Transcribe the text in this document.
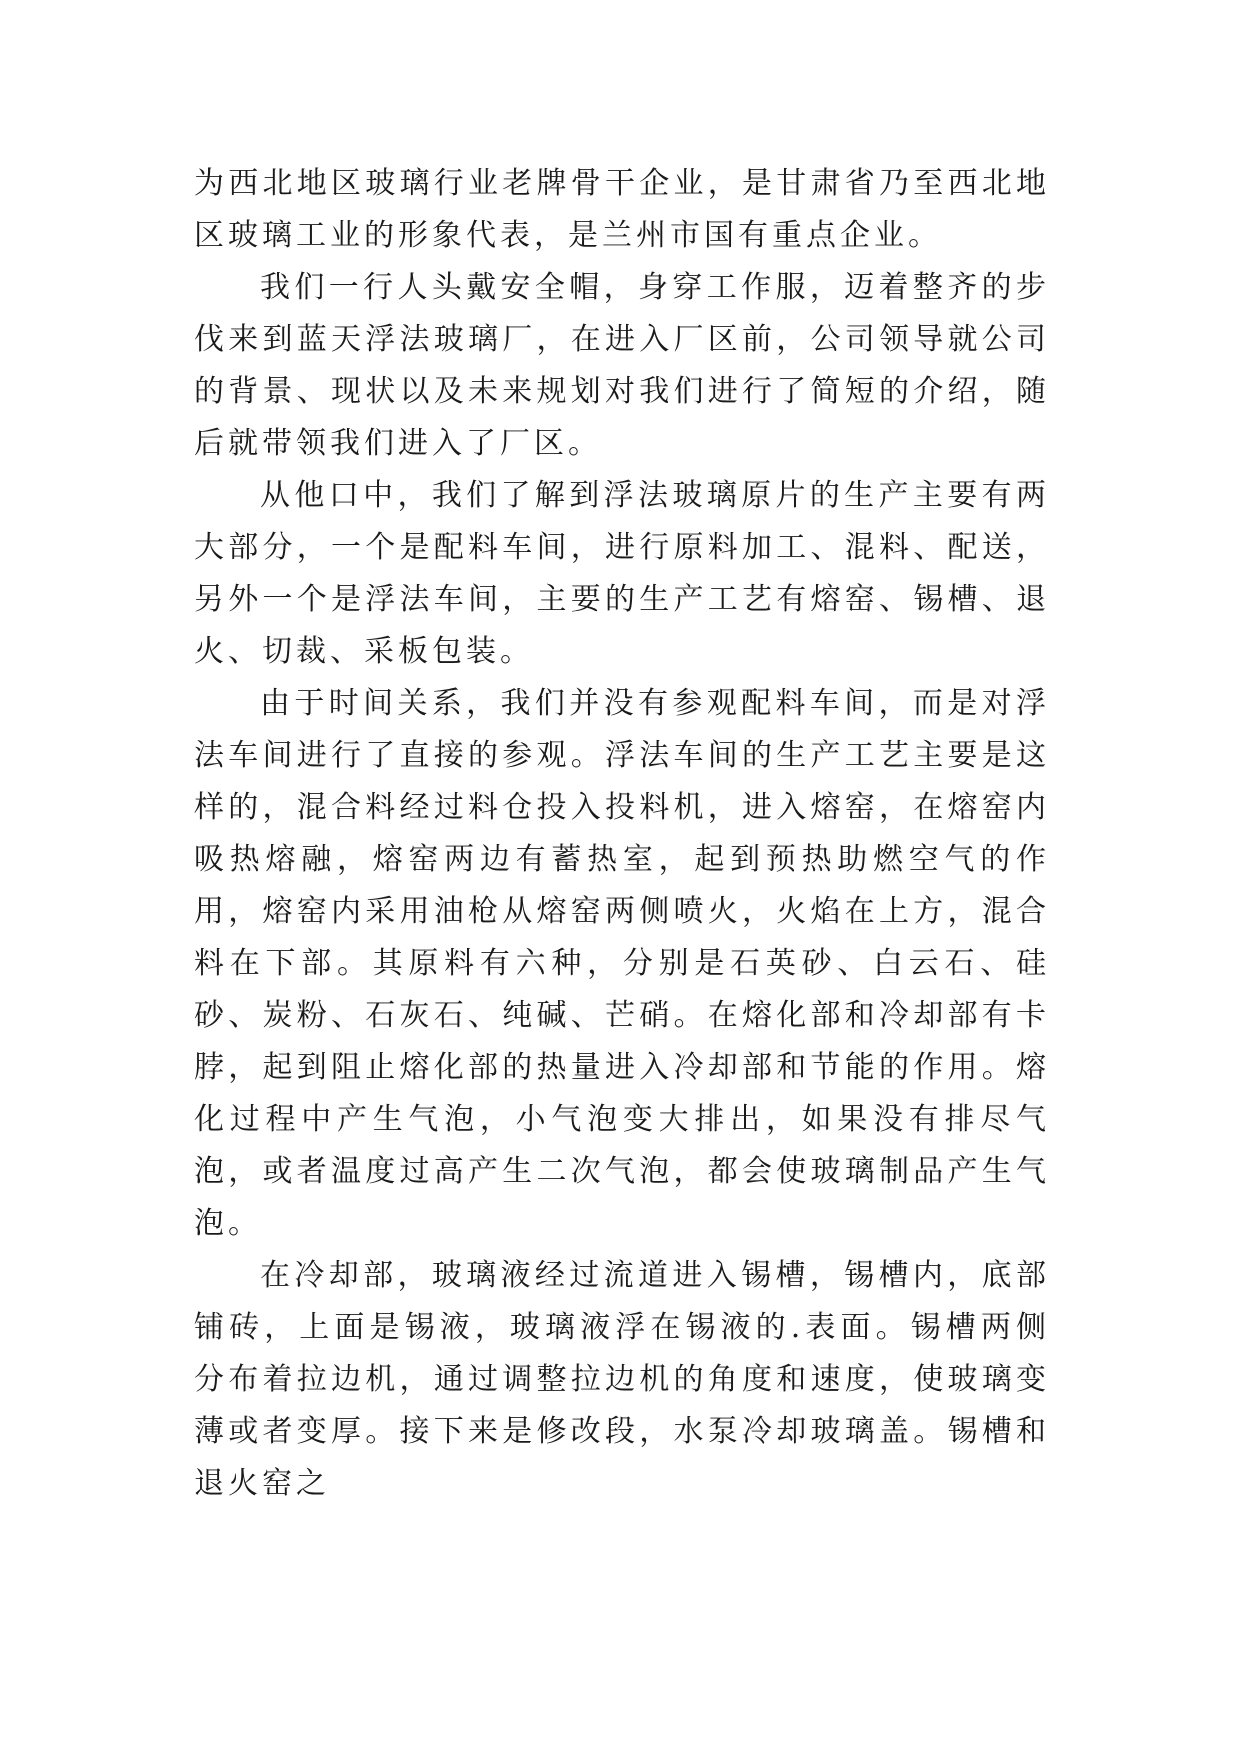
为西北地区玻璃行业老牌骨干企业，是甘肃省乃至西北地区玻璃工业的形象代表，是兰州市国有重点企业。

我们一行人头戴安全帽，身穿工作服，迈着整齐的步伐来到蓝天浮法玻璃厂，在进入厂区前，公司领导就公司的背景、现状以及未来规划对我们进行了简短的介绍，随后就带领我们进入了厂区。

从他口中，我们了解到浮法玻璃原片的生产主要有两大部分，一个是配料车间，进行原料加工、混料、配送，另外一个是浮法车间，主要的生产工艺有熔窑、锡槽、退火、切裁、采板包装。

由于时间关系，我们并没有参观配料车间，而是对浮法车间进行了直接的参观。浮法车间的生产工艺主要是这样的，混合料经过料仓投入投料机，进入熔窑，在熔窑内吸热熔融，熔窑两边有蓄热室，起到预热助燃空气的作用，熔窑内采用油枪从熔窑两侧喷火，火焰在上方，混合料在下部。其原料有六种，分别是石英砂、白云石、硅砂、炭粉、石灰石、纯碱、芒硝。在熔化部和冷却部有卡脖，起到阻止熔化部的热量进入冷却部和节能的作用。熔化过程中产生气泡，小气泡变大排出，如果没有排尽气泡，或者温度过高产生二次气泡，都会使玻璃制品产生气泡。

在冷却部，玻璃液经过流道进入锡槽，锡槽内，底部铺砖，上面是锡液，玻璃液浮在锡液的.表面。锡槽两侧分布着拉边机，通过调整拉边机的角度和速度，使玻璃变薄或者变厚。接下来是修改段，水泵冷却玻璃盖。锡槽和退火窑之
